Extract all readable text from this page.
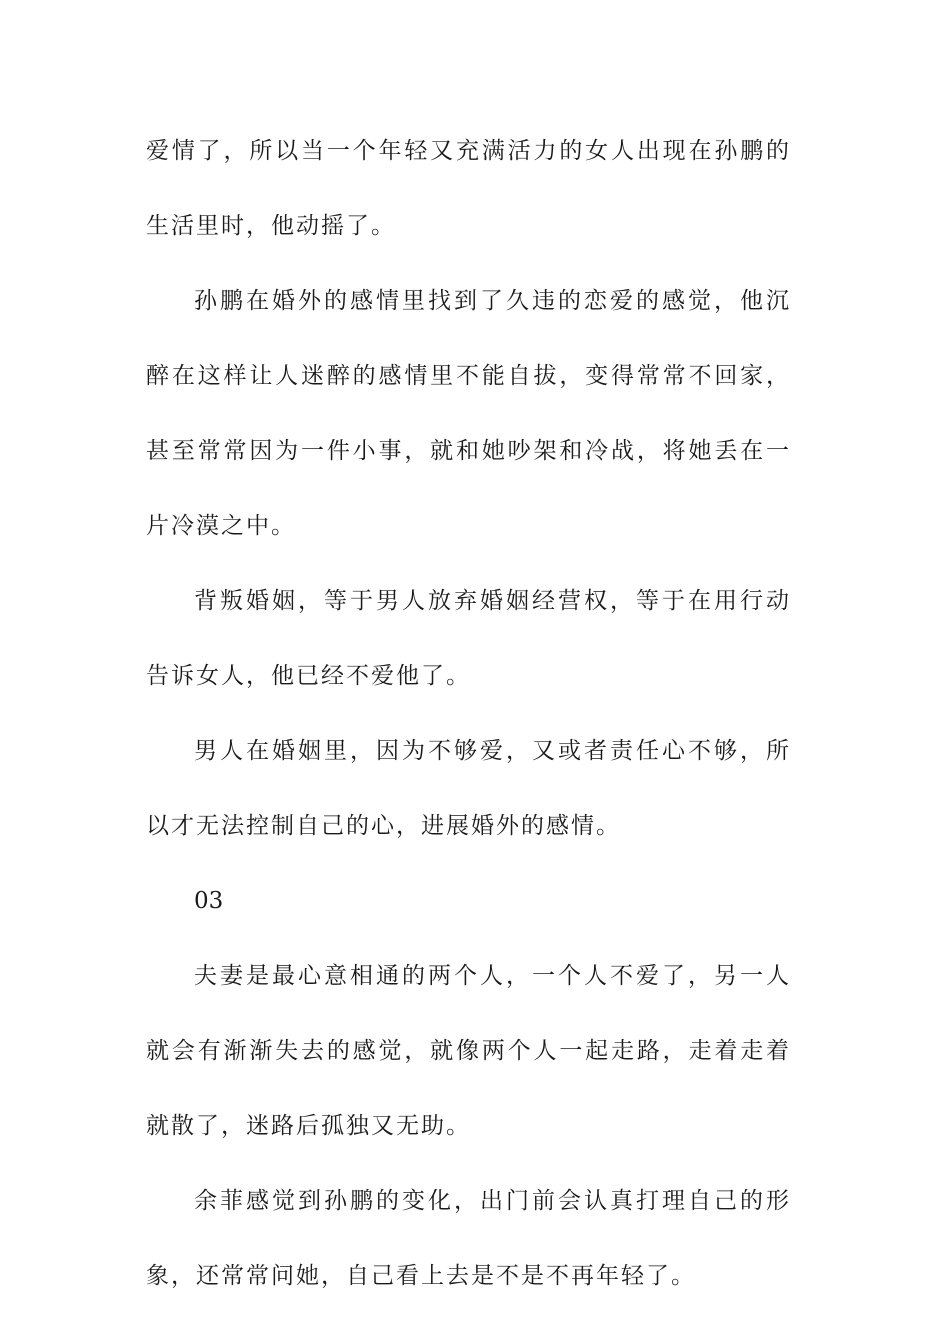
爱情了，所以当一个年轻又充满活力的女人出现在孙鹏的生活里时，他动摇了。

孙鹏在婚外的感情里找到了久违的恋爱的感觉，他沉醉在这样让人迷醉的感情里不能自拔，变得常常不回家，甚至常常因为一件小事，就和她吵架和冷战，将她丢在一片冷漠之中。

背叛婚姻，等于男人放弃婚姻经营权，等于在用行动告诉女人，他已经不爱他了。

男人在婚姻里，因为不够爱，又或者责任心不够，所以才无法控制自己的心，进展婚外的感情。

03

夫妻是最心意相通的两个人，一个人不爱了，另一人就会有渐渐失去的感觉，就像两个人一起走路，走着走着就散了，迷路后孤独又无助。

余菲感觉到孙鹏的变化，出门前会认真打理自己的形象，还常常问她，自己看上去是不是不再年轻了。
